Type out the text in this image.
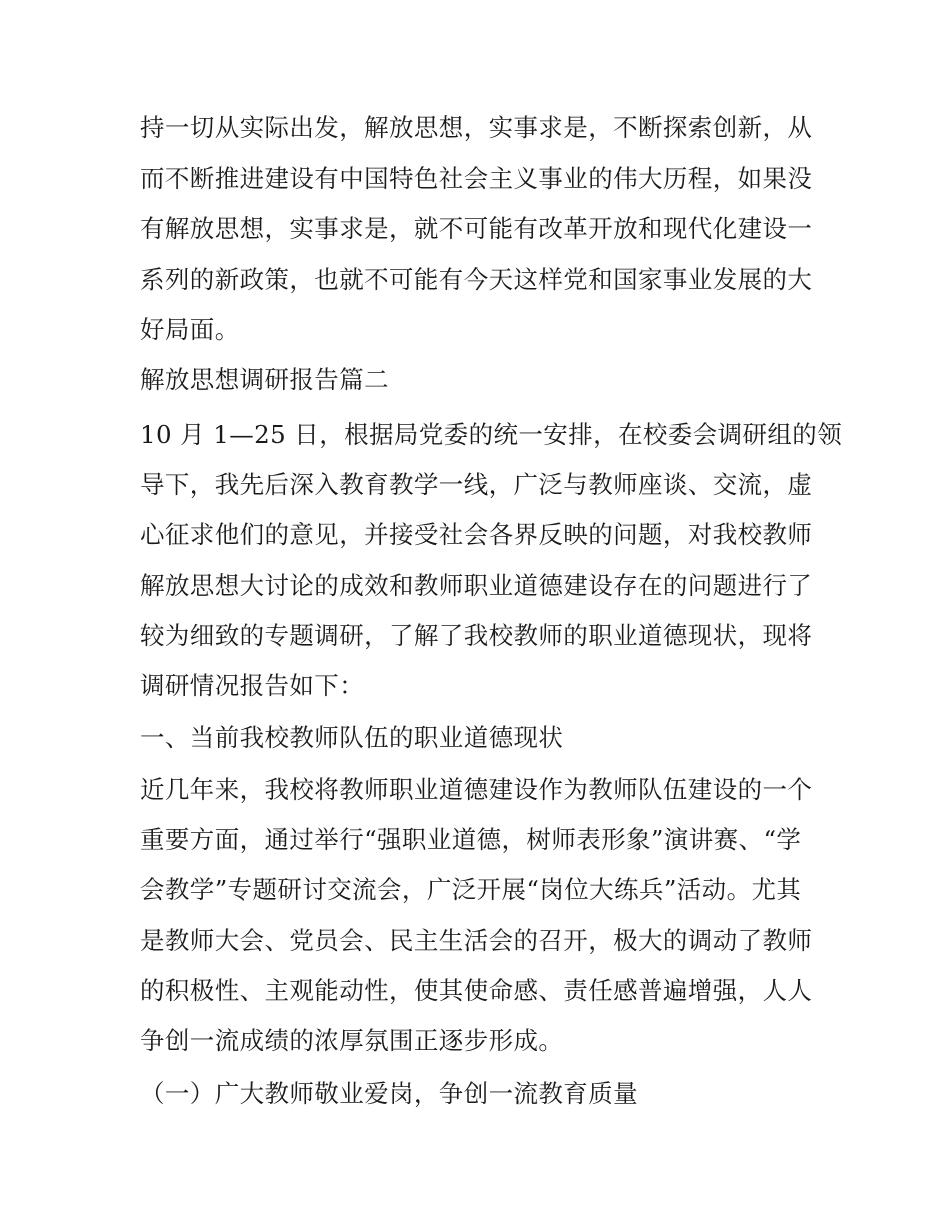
持一切从实际出发，解放思想，实事求是，不断探索创新，从
而不断推进建设有中国特色社会主义事业的伟大历程，如果没
有解放思想，实事求是，就不可能有改革开放和现代化建设一
系列的新政策，也就不可能有今天这样党和国家事业发展的大
好局面。
解放思想调研报告篇二
10 月 1—25 日，根据局党委的统一安排，在校委会调研组的领
导下，我先后深入教育教学一线，广泛与教师座谈、交流，虚
心征求他们的意见，并接受社会各界反映的问题，对我校教师
解放思想大讨论的成效和教师职业道德建设存在的问题进行了
较为细致的专题调研，了解了我校教师的职业道德现状，现将
调研情况报告如下：
一、当前我校教师队伍的职业道德现状
近几年来，我校将教师职业道德建设作为教师队伍建设的一个
重要方面，通过举行“强职业道德，树师表形象”演讲赛、“学
会教学”专题研讨交流会，广泛开展“岗位大练兵”活动。尤其
是教师大会、党员会、民主生活会的召开，极大的调动了教师
的积极性、主观能动性，使其使命感、责任感普遍增强，人人
争创一流成绩的浓厚氛围正逐步形成。
（一）广大教师敬业爱岗，争创一流教育质量
